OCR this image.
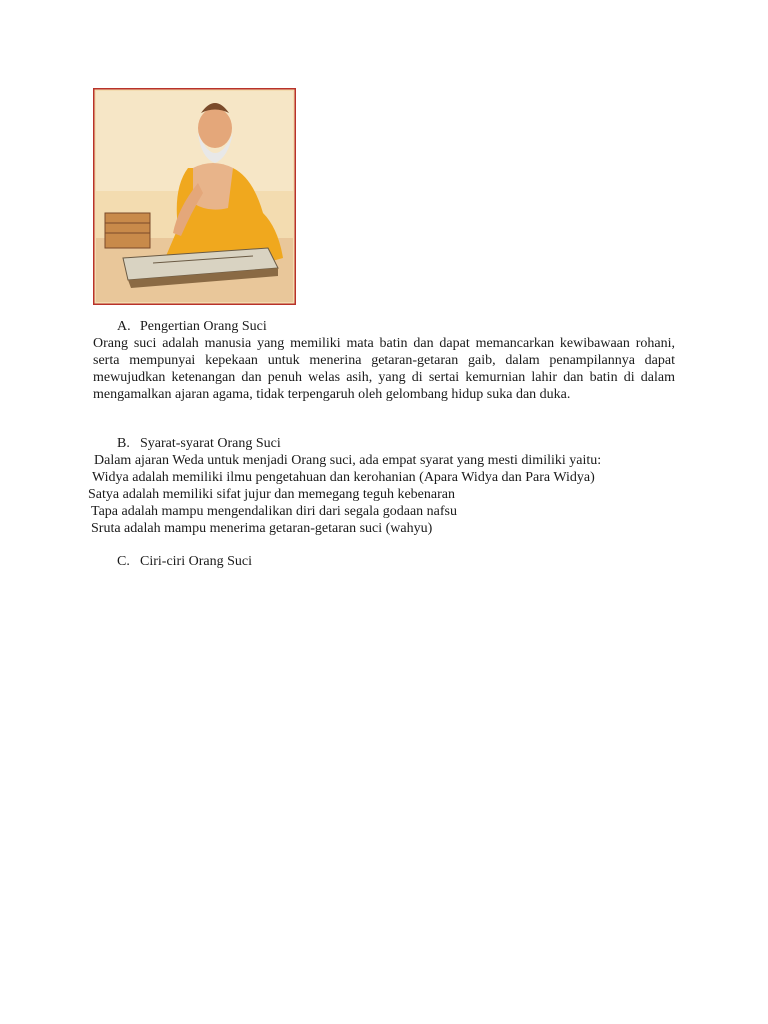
A. Pengertian Orang Suci
Orang suci adalah manusia yang memiliki mata batin dan dapat memancarkan kewibawaan rohani, serta mempunyai kepekaan untuk menerina getaran-getaran gaib, dalam penampilannya dapat mewujudkan ketenangan dan penuh welas asih, yang di sertai kemurnian lahir dan batin di dalam mengamalkan ajaran agama, tidak terpengaruh oleh gelombang hidup suka dan duka.
B. Syarat-syarat Orang Suci
Dalam ajaran Weda untuk menjadi Orang suci, ada empat syarat yang mesti dimiliki yaitu:
Widya adalah memiliki ilmu pengetahuan dan kerohanian (Apara Widya dan Para Widya)
Satya adalah memiliki sifat jujur dan memegang teguh kebenaran
Tapa adalah mampu mengendalikan diri dari segala godaan nafsu
Sruta adalah mampu menerima getaran-getaran suci (wahyu)
C. Ciri-ciri Orang Suci
